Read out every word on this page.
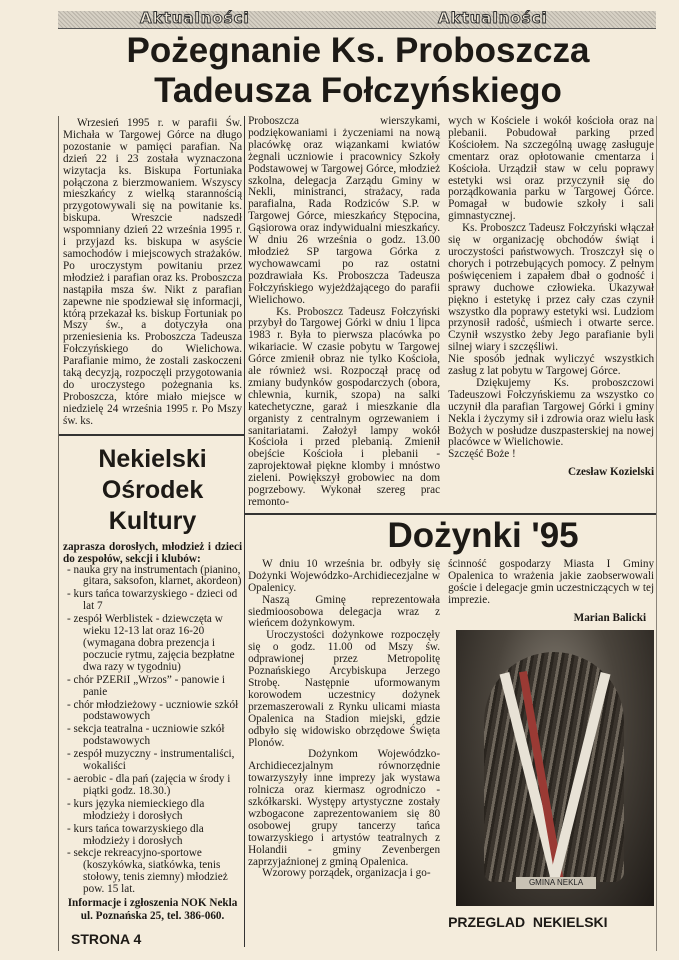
Aktualności	Aktualności
Pożegnanie Ks. Proboszcza
Tadeusza Fołczyńskiego

Wrzesień 1995 r. w parafii Św. Michała w Targowej Górce na długo pozostanie w pamięci parafian. Na dzień 22 i 23 została wyznaczona wizytacja ks. Biskupa Fortuniaka połączona z bierzmowaniem. Wszyscy mieszkańcy z wielką starannością przygotowywali się na powitanie ks. biskupa. Wreszcie nadszedł wspomniany dzień 22 września 1995 r. i przyjazd ks. biskupa w asyście samochodów i miejscowych strażaków. Po uroczystym powitaniu przez młodzież i parafian oraz ks. Proboszcza nastąpiła msza św. Nikt z parafian zapewne nie spodziewał się informacji, którą przekazał ks. biskup Fortuniak po Mszy św., a dotyczyła ona przeniesienia ks. Proboszcza Tadeusza Fołczyńskiego do Wielichowa. Parafianie mimo, że zostali zaskoczeni taką decyzją, rozpoczęli przygotowania do uroczystego pożegnania ks. Proboszcza, które miało miejsce w niedzielę 24 września 1995 r. Po Mszy św. ks.

Nekielski
Ośrodek
Kultury
zaprasza dorosłych, młodzież i dzieci do zespołów, sekcji i klubów:
- nauka gry na instrumentach (pianino, gitara, saksofon, klarnet, akordeon)
- kurs tańca towarzyskiego - dzieci od lat 7
- zespół Werblistek - dziewczęta w wieku 12-13 lat oraz 16-20 (wymagana dobra prezencja i poczucie rytmu, zajęcia bezpłatne dwa razy w tygodniu)
- chór PZERiI „Wrzos” - panowie i panie
- chór młodzieżowy - uczniowie szkół podstawowych
- sekcja teatralna - uczniowie szkół podstawowych
- zespół muzyczny - instrumentaliści, wokaliści
- aerobic - dla pań (zajęcia w środy i piątki godz. 18.30.)
- kurs języka niemieckiego dla młodzieży i dorosłych
- kurs tańca towarzyskiego dla młodzieży i dorosłych
- sekcje rekreacyjno-sportowe (koszykówka, siatkówka, tenis stołowy, tenis ziemny) młodzież pow. 15 lat.
Informacje i zgłoszenia NOK Nekla
ul. Poznańska 25, tel. 386-060.
STRONA 4

Proboszcza wierszykami, podziękowaniami i życzeniami na nową placówkę oraz wiązankami kwiatów żegnali uczniowie i pracownicy Szkoły Podstawowej w Targowej Górce, młodzież szkolna, delegacja Zarządu Gminy w Nekli, ministranci, strażacy, rada parafialna, Rada Rodziców S.P. w Targowej Górce, mieszkańcy Stępocina, Gąsiorowa oraz indywidualni mieszkańcy. W dniu 26 września o godz. 13.00 młodzież SP targowa Górka z wychowawcami po raz ostatni pozdrawiała Ks. Proboszcza Tadeusza Fołczyńskiego wyjeżdżającego do parafii Wielichowo.

Ks. Proboszcz Tadeusz Fołczyński przybył do Targowej Górki w dniu 1 lipca 1983 r. Była to pierwsza placówka po wikariacie. W czasie pobytu w Targowej Górce zmienił obraz nie tylko Kościoła, ale również wsi. Rozpoczął pracę od zmiany budynków gospodarczych (obora, chlewnia, kurnik, szopa) na salki katechetyczne, garaż i mieszkanie dla organisty z centralnym ogrzewaniem i sanitariatami. Założył lampy wokół Kościoła i przed plebanią. Zmienił obejście Kościoła i plebanii - zaprojektował piękne klomby i mnóstwo zieleni. Powiększył grobowiec na dom pogrzebowy. Wykonał szereg prac remonto-

wych w Kościele i wokół kościoła oraz na plebanii. Pobudował parking przed Kościołem. Na szczególną uwagę zasługuje cmentarz oraz opłotowanie cmentarza i Kościoła. Urządził staw w celu poprawy estetyki wsi oraz przyczynił się do porządkowania parku w Targowej Górce. Pomagał w budowie szkoły i sali gimnastycznej.

Ks. Proboszcz Tadeusz Fołczyński włączał się w organizację obchodów świąt i uroczystości państwowych. Troszczył się o chorych i potrzebujących pomocy. Z pełnym poświęceniem i zapałem dbał o godność i sprawy duchowe człowieka. Ukazywał piękno i estetykę i przez cały czas czynił wszystko dla poprawy estetyki wsi. Ludziom przynosił radość, uśmiech i otwarte serce. Czynił wszystko żeby Jego parafianie byli silnej wiary i szczęśliwi.

Nie sposób jednak wyliczyć wszystkich zasług z lat pobytu w Targowej Górce.

Dziękujemy Ks. proboszczowi Tadeuszowi Fołczyńskiemu za wszystko co uczynił dla parafian Targowej Górki i gminy Nekla i życzymy sił i zdrowia oraz wielu łask Bożych w posłudze duszpasterskiej na nowej placówce w Wielichowie.

Szczęść Boże !

Czesław Kozielski
Dożynki '95

W dniu 10 września br. odbyły się Dożynki Wojewódzko-Archidiecezjalne w Opalenicy.

Naszą Gminę reprezentowała siedmioosobowa delegacja wraz z wieńcem dożynkowym.

Uroczystości dożynkowe rozpoczęły się o godz. 11.00 od Mszy św. odprawionej przez Metropolitę Poznańskiego Arcybiskupa Jerzego Strobę. Następnie uformowanym korowodem uczestnicy dożynek przemaszerowali z Rynku ulicami miasta Opalenica na Stadion miejski, gdzie odbyło się widowisko obrzędowe Święta Plonów.

Dożynkom Wojewódzko-Archidiecezjalnym równorzędnie towarzyszyły inne imprezy jak wystawa rolnicza oraz kiermasz ogrodniczo - szkółkarski. Występy artystyczne zostały wzbogacone zaprezentowaniem się 80 osobowej grupy tancerzy tańca towarzyskiego i artystów teatralnych z Holandii - gminy Zevenbergen zaprzyjaźnionej z gminą Opalenica.

Wzorowy porządek, organizacja i go-

ścinność gospodarzy Miasta I Gminy Opalenica to wrażenia jakie zaobserwowali goście i delegacje gmin uczestniczących w tej imprezie.

Marian Balicki
GMINA NEKLA
PRZEGLAD  NEKIELSKI
